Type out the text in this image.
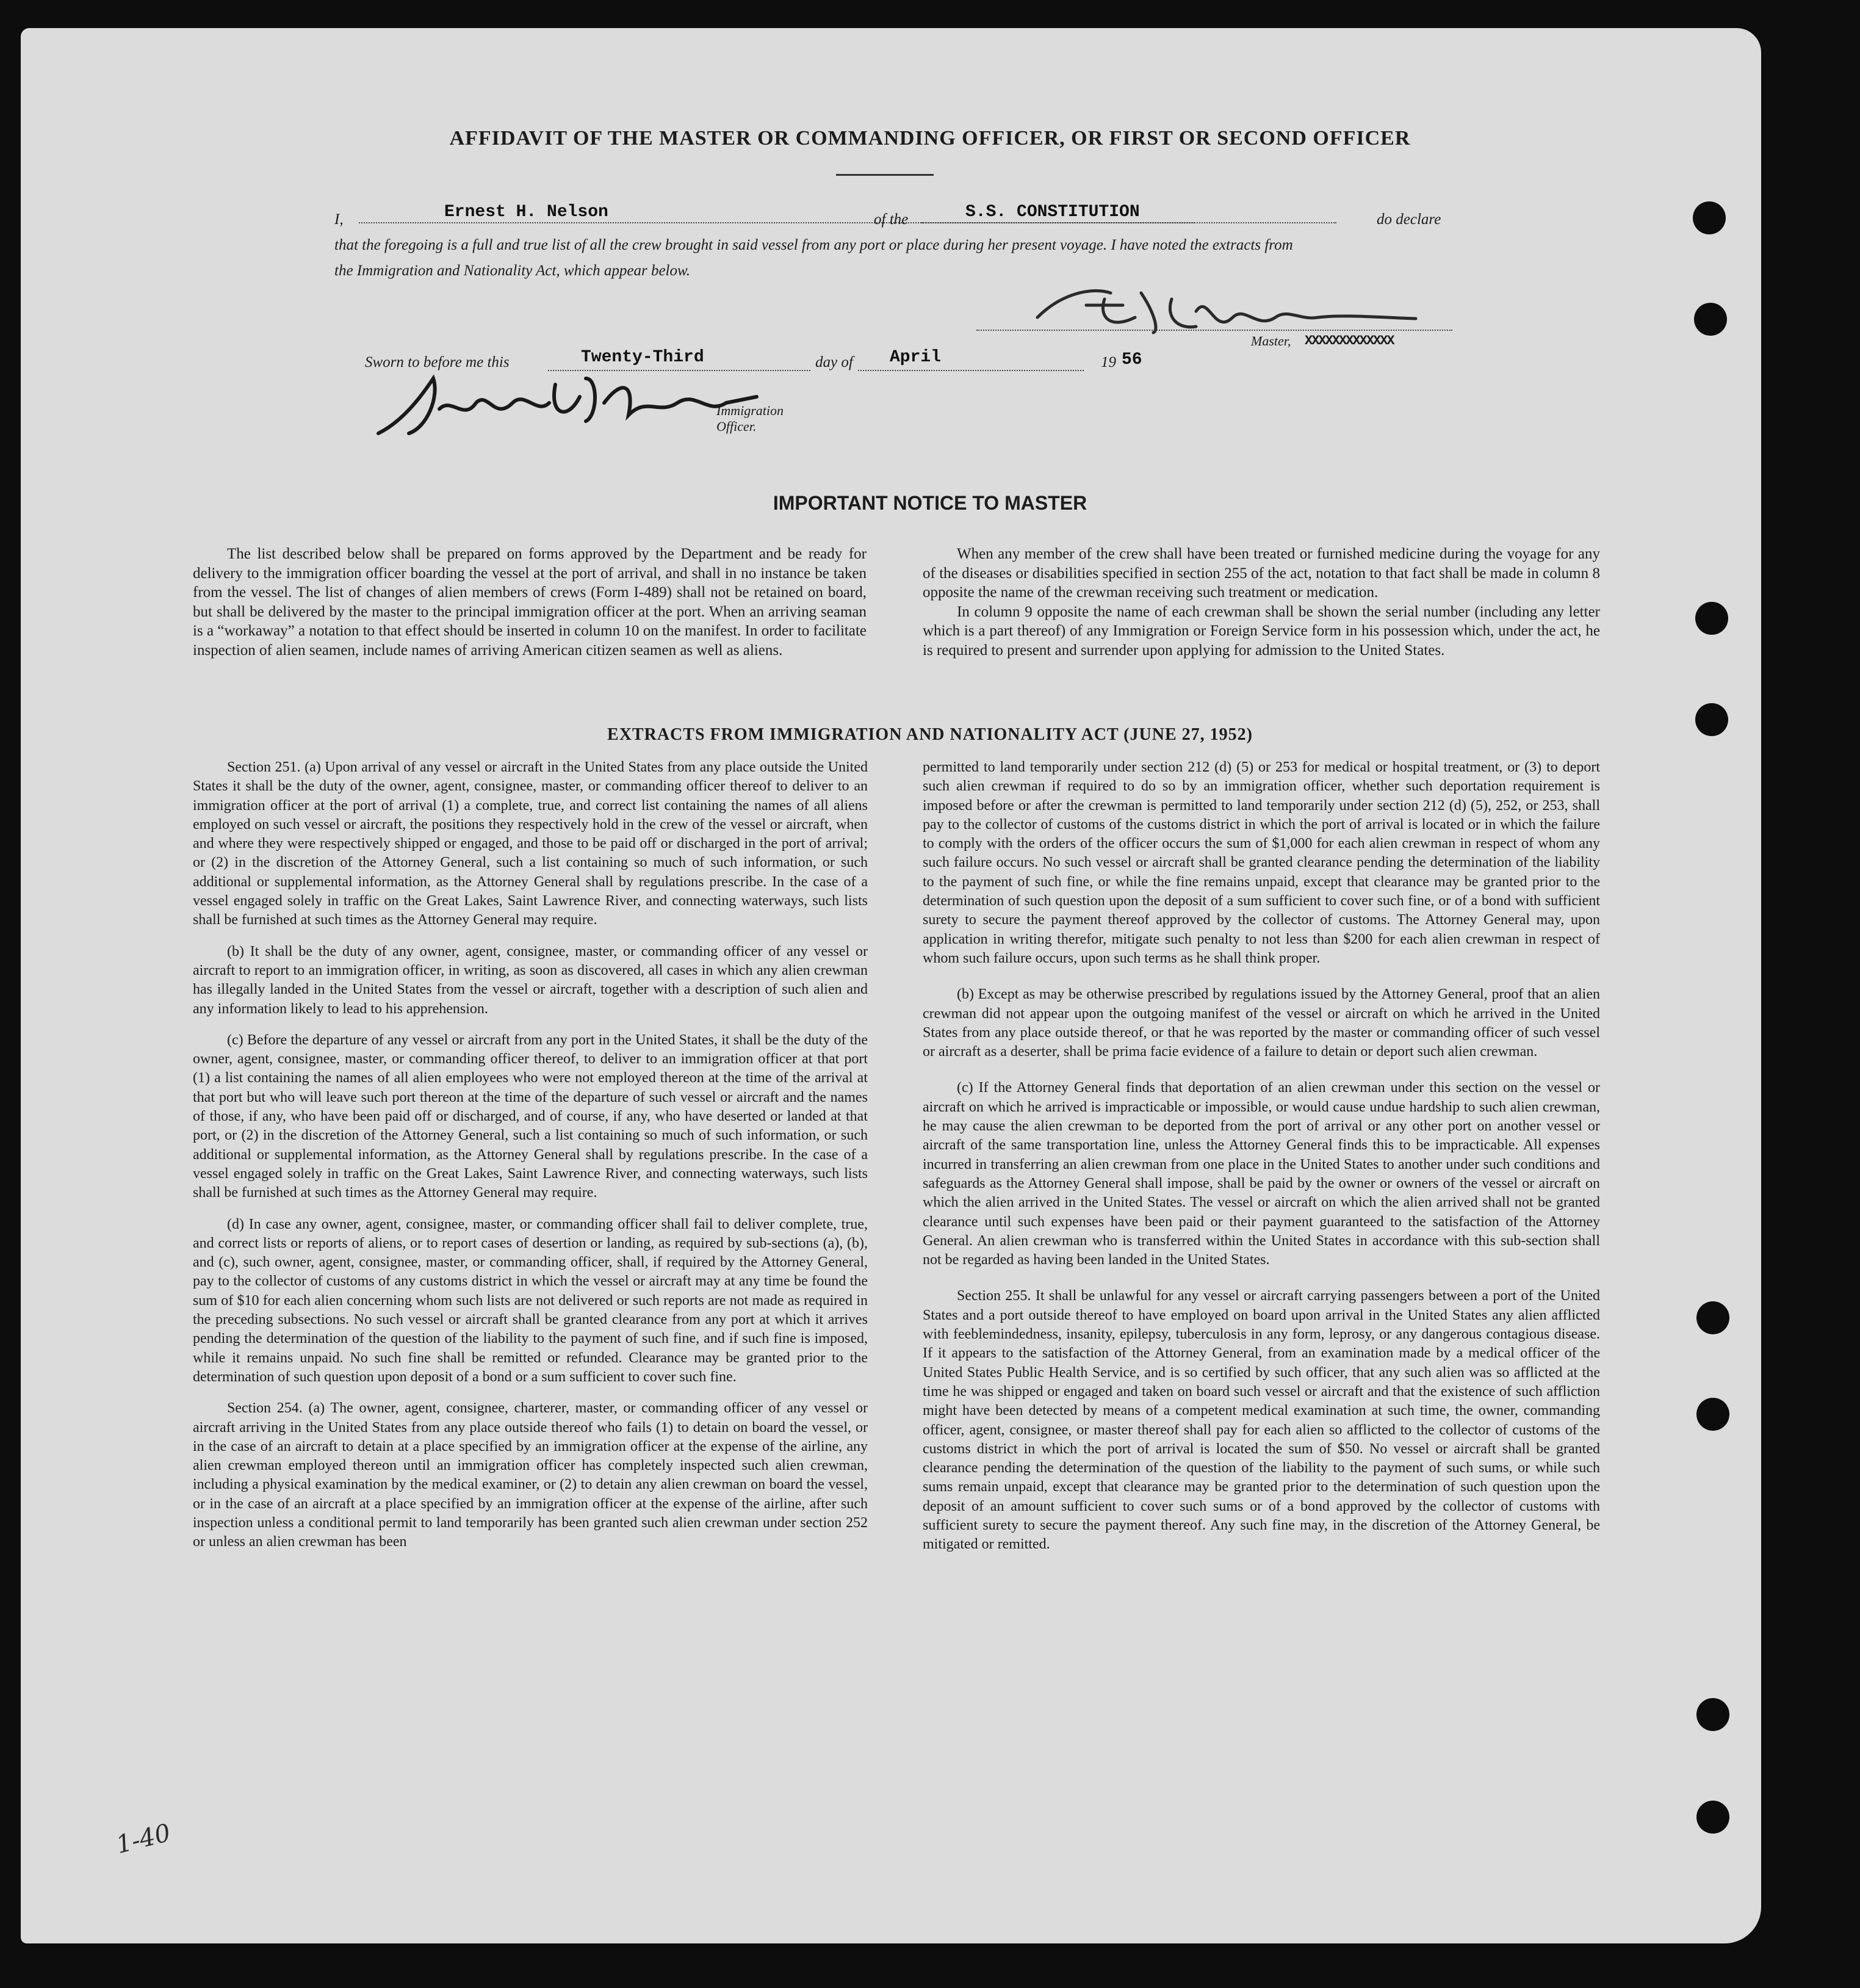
AFFIDAVIT OF THE MASTER OR COMMANDING OFFICER, OR FIRST OR SECOND OFFICER
I,	Ernest H. Nelson	of the	S.S. CONSTITUTION	do declare
that the foregoing is a full and true list of all the crew brought in said vessel from any port or place during her present voyage. I have noted the extracts from
the Immigration and Nationality Act, which appear below.
Master, XXXXXXXXXXXXX
Sworn to before me this	Twenty-Third	day of April	19 56
Immigration Officer.
IMPORTANT NOTICE TO MASTER

The list described below shall be prepared on forms approved by the Department and be ready for delivery to the immigration officer boarding the vessel at the port of arrival, and shall in no instance be taken from the vessel. The list of changes of alien members of crews (Form I-489) shall not be retained on board, but shall be delivered by the master to the principal immigration officer at the port. When an arriving seaman is a “workaway” a notation to that effect should be inserted in column 10 on the manifest. In order to facilitate inspection of alien seamen, include names of arriving American citizen seamen as well as aliens.

When any member of the crew shall have been treated or furnished medicine during the voyage for any of the diseases or disabilities specified in section 255 of the act, notation to that fact shall be made in column 8 opposite the name of the crewman receiving such treatment or medication.

In column 9 opposite the name of each crewman shall be shown the serial number (including any letter which is a part thereof) of any Immigration or Foreign Service form in his possession which, under the act, he is required to present and surrender upon applying for admission to the United States.

EXTRACTS FROM IMMIGRATION AND NATIONALITY ACT (JUNE 27, 1952)

Section 251. (a) Upon arrival of any vessel or aircraft in the United States from any place outside the United States it shall be the duty of the owner, agent, consignee, master, or commanding officer thereof to deliver to an immigration officer at the port of arrival (1) a complete, true, and correct list containing the names of all aliens employed on such vessel or aircraft, the positions they respectively hold in the crew of the vessel or aircraft, when and where they were respectively shipped or engaged, and those to be paid off or discharged in the port of arrival; or (2) in the discretion of the Attorney General, such a list containing so much of such information, or such additional or supplemental information, as the Attorney General shall by regulations prescribe. In the case of a vessel engaged solely in traffic on the Great Lakes, Saint Lawrence River, and connecting waterways, such lists shall be furnished at such times as the Attorney General may require.

(b) It shall be the duty of any owner, agent, consignee, master, or commanding officer of any vessel or aircraft to report to an immigration officer, in writing, as soon as discovered, all cases in which any alien crewman has illegally landed in the United States from the vessel or aircraft, together with a description of such alien and any information likely to lead to his apprehension.

(c) Before the departure of any vessel or aircraft from any port in the United States, it shall be the duty of the owner, agent, consignee, master, or commanding officer thereof, to deliver to an immigration officer at that port (1) a list containing the names of all alien employees who were not employed thereon at the time of the arrival at that port but who will leave such port thereon at the time of the departure of such vessel or aircraft and the names of those, if any, who have been paid off or discharged, and of course, if any, who have deserted or landed at that port, or (2) in the discretion of the Attorney General, such a list containing so much of such information, or such additional or supplemental information, as the Attorney General shall by regulations prescribe. In the case of a vessel engaged solely in traffic on the Great Lakes, Saint Lawrence River, and connecting waterways, such lists shall be furnished at such times as the Attorney General may require.

(d) In case any owner, agent, consignee, master, or commanding officer shall fail to deliver complete, true, and correct lists or reports of aliens, or to report cases of desertion or landing, as required by sub-sections (a), (b), and (c), such owner, agent, consignee, master, or commanding officer, shall, if required by the Attorney General, pay to the collector of customs of any customs district in which the vessel or aircraft may at any time be found the sum of $10 for each alien concerning whom such lists are not delivered or such reports are not made as required in the preceding subsections. No such vessel or aircraft shall be granted clearance from any port at which it arrives pending the determination of the question of the liability to the payment of such fine, and if such fine is imposed, while it remains unpaid. No such fine shall be remitted or refunded. Clearance may be granted prior to the determination of such question upon deposit of a bond or a sum sufficient to cover such fine.

Section 254. (a) The owner, agent, consignee, charterer, master, or commanding officer of any vessel or aircraft arriving in the United States from any place outside thereof who fails (1) to detain on board the vessel, or in the case of an aircraft to detain at a place specified by an immigration officer at the expense of the airline, any alien crewman employed thereon until an immigration officer has completely inspected such alien crewman, including a physical examination by the medical examiner, or (2) to detain any alien crewman on board the vessel, or in the case of an aircraft at a place specified by an immigration officer at the expense of the airline, after such inspection unless a conditional permit to land temporarily has been granted such alien crewman under section 252 or unless an alien crewman has been

permitted to land temporarily under section 212 (d) (5) or 253 for medical or hospital treatment, or (3) to deport such alien crewman if required to do so by an immigration officer, whether such deportation requirement is imposed before or after the crewman is permitted to land temporarily under section 212 (d) (5), 252, or 253, shall pay to the collector of customs of the customs district in which the port of arrival is located or in which the failure to comply with the orders of the officer occurs the sum of $1,000 for each alien crewman in respect of whom any such failure occurs. No such vessel or aircraft shall be granted clearance pending the determination of the liability to the payment of such fine, or while the fine remains unpaid, except that clearance may be granted prior to the determination of such question upon the deposit of a sum sufficient to cover such fine, or of a bond with sufficient surety to secure the payment thereof approved by the collector of customs. The Attorney General may, upon application in writing therefor, mitigate such penalty to not less than $200 for each alien crewman in respect of whom such failure occurs, upon such terms as he shall think proper.

(b) Except as may be otherwise prescribed by regulations issued by the Attorney General, proof that an alien crewman did not appear upon the outgoing manifest of the vessel or aircraft on which he arrived in the United States from any place outside thereof, or that he was reported by the master or commanding officer of such vessel or aircraft as a deserter, shall be prima facie evidence of a failure to detain or deport such alien crewman.

(c) If the Attorney General finds that deportation of an alien crewman under this section on the vessel or aircraft on which he arrived is impracticable or impossible, or would cause undue hardship to such alien crewman, he may cause the alien crewman to be deported from the port of arrival or any other port on another vessel or aircraft of the same transportation line, unless the Attorney General finds this to be impracticable. All expenses incurred in transferring an alien crewman from one place in the United States to another under such conditions and safeguards as the Attorney General shall impose, shall be paid by the owner or owners of the vessel or aircraft on which the alien arrived in the United States. The vessel or aircraft on which the alien arrived shall not be granted clearance until such expenses have been paid or their payment guaranteed to the satisfaction of the Attorney General. An alien crewman who is transferred within the United States in accordance with this sub-section shall not be regarded as having been landed in the United States.

Section 255. It shall be unlawful for any vessel or aircraft carrying passengers between a port of the United States and a port outside thereof to have employed on board upon arrival in the United States any alien afflicted with feeblemindedness, insanity, epilepsy, tuberculosis in any form, leprosy, or any dangerous contagious disease. If it appears to the satisfaction of the Attorney General, from an examination made by a medical officer of the United States Public Health Service, and is so certified by such officer, that any such alien was so afflicted at the time he was shipped or engaged and taken on board such vessel or aircraft and that the existence of such affliction might have been detected by means of a competent medical examination at such time, the owner, commanding officer, agent, consignee, or master thereof shall pay for each alien so afflicted to the collector of customs of the customs district in which the port of arrival is located the sum of $50. No vessel or aircraft shall be granted clearance pending the determination of the question of the liability to the payment of such sums, or while such sums remain unpaid, except that clearance may be granted prior to the determination of such question upon the deposit of an amount sufficient to cover such sums or of a bond approved by the collector of customs with sufficient surety to secure the payment thereof. Any such fine may, in the discretion of the Attorney General, be mitigated or remitted.

1-40
